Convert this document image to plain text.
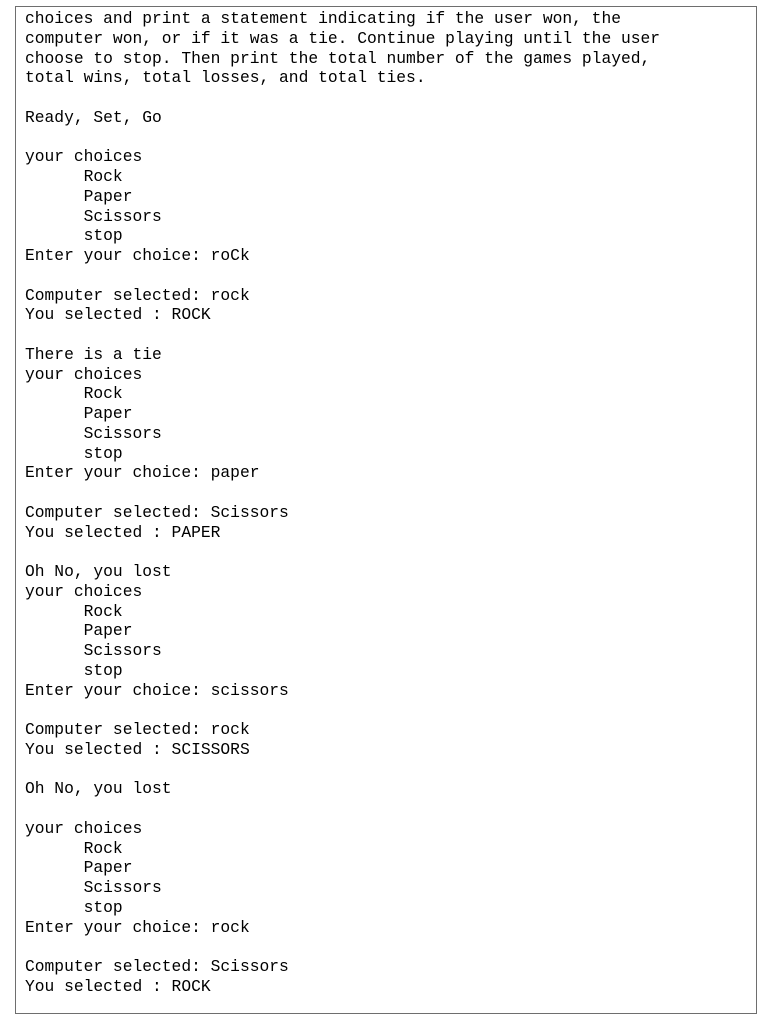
choices and print a statement indicating if the user won, the
computer won, or if it was a tie. Continue playing until the user
choose to stop. Then print the total number of the games played,
total wins, total losses, and total ties.
Ready, Set, Go
your choices
Rock
Paper
Scissors
stop
Enter your choice: roCk
Computer selected: rock
You selected : ROCK
There is a tie
your choices
Rock
Paper
Scissors
stop
Enter your choice: paper
Computer selected: Scissors
You selected : PAPER
Oh No, you lost
your choices
Rock
Paper
Scissors
stop
Enter your choice: scissors
Computer selected: rock
You selected : SCISSORS
Oh No, you lost
your choices
Rock
Paper
Scissors
stop
Enter your choice: rock
Computer selected: Scissors
You selected : ROCK
